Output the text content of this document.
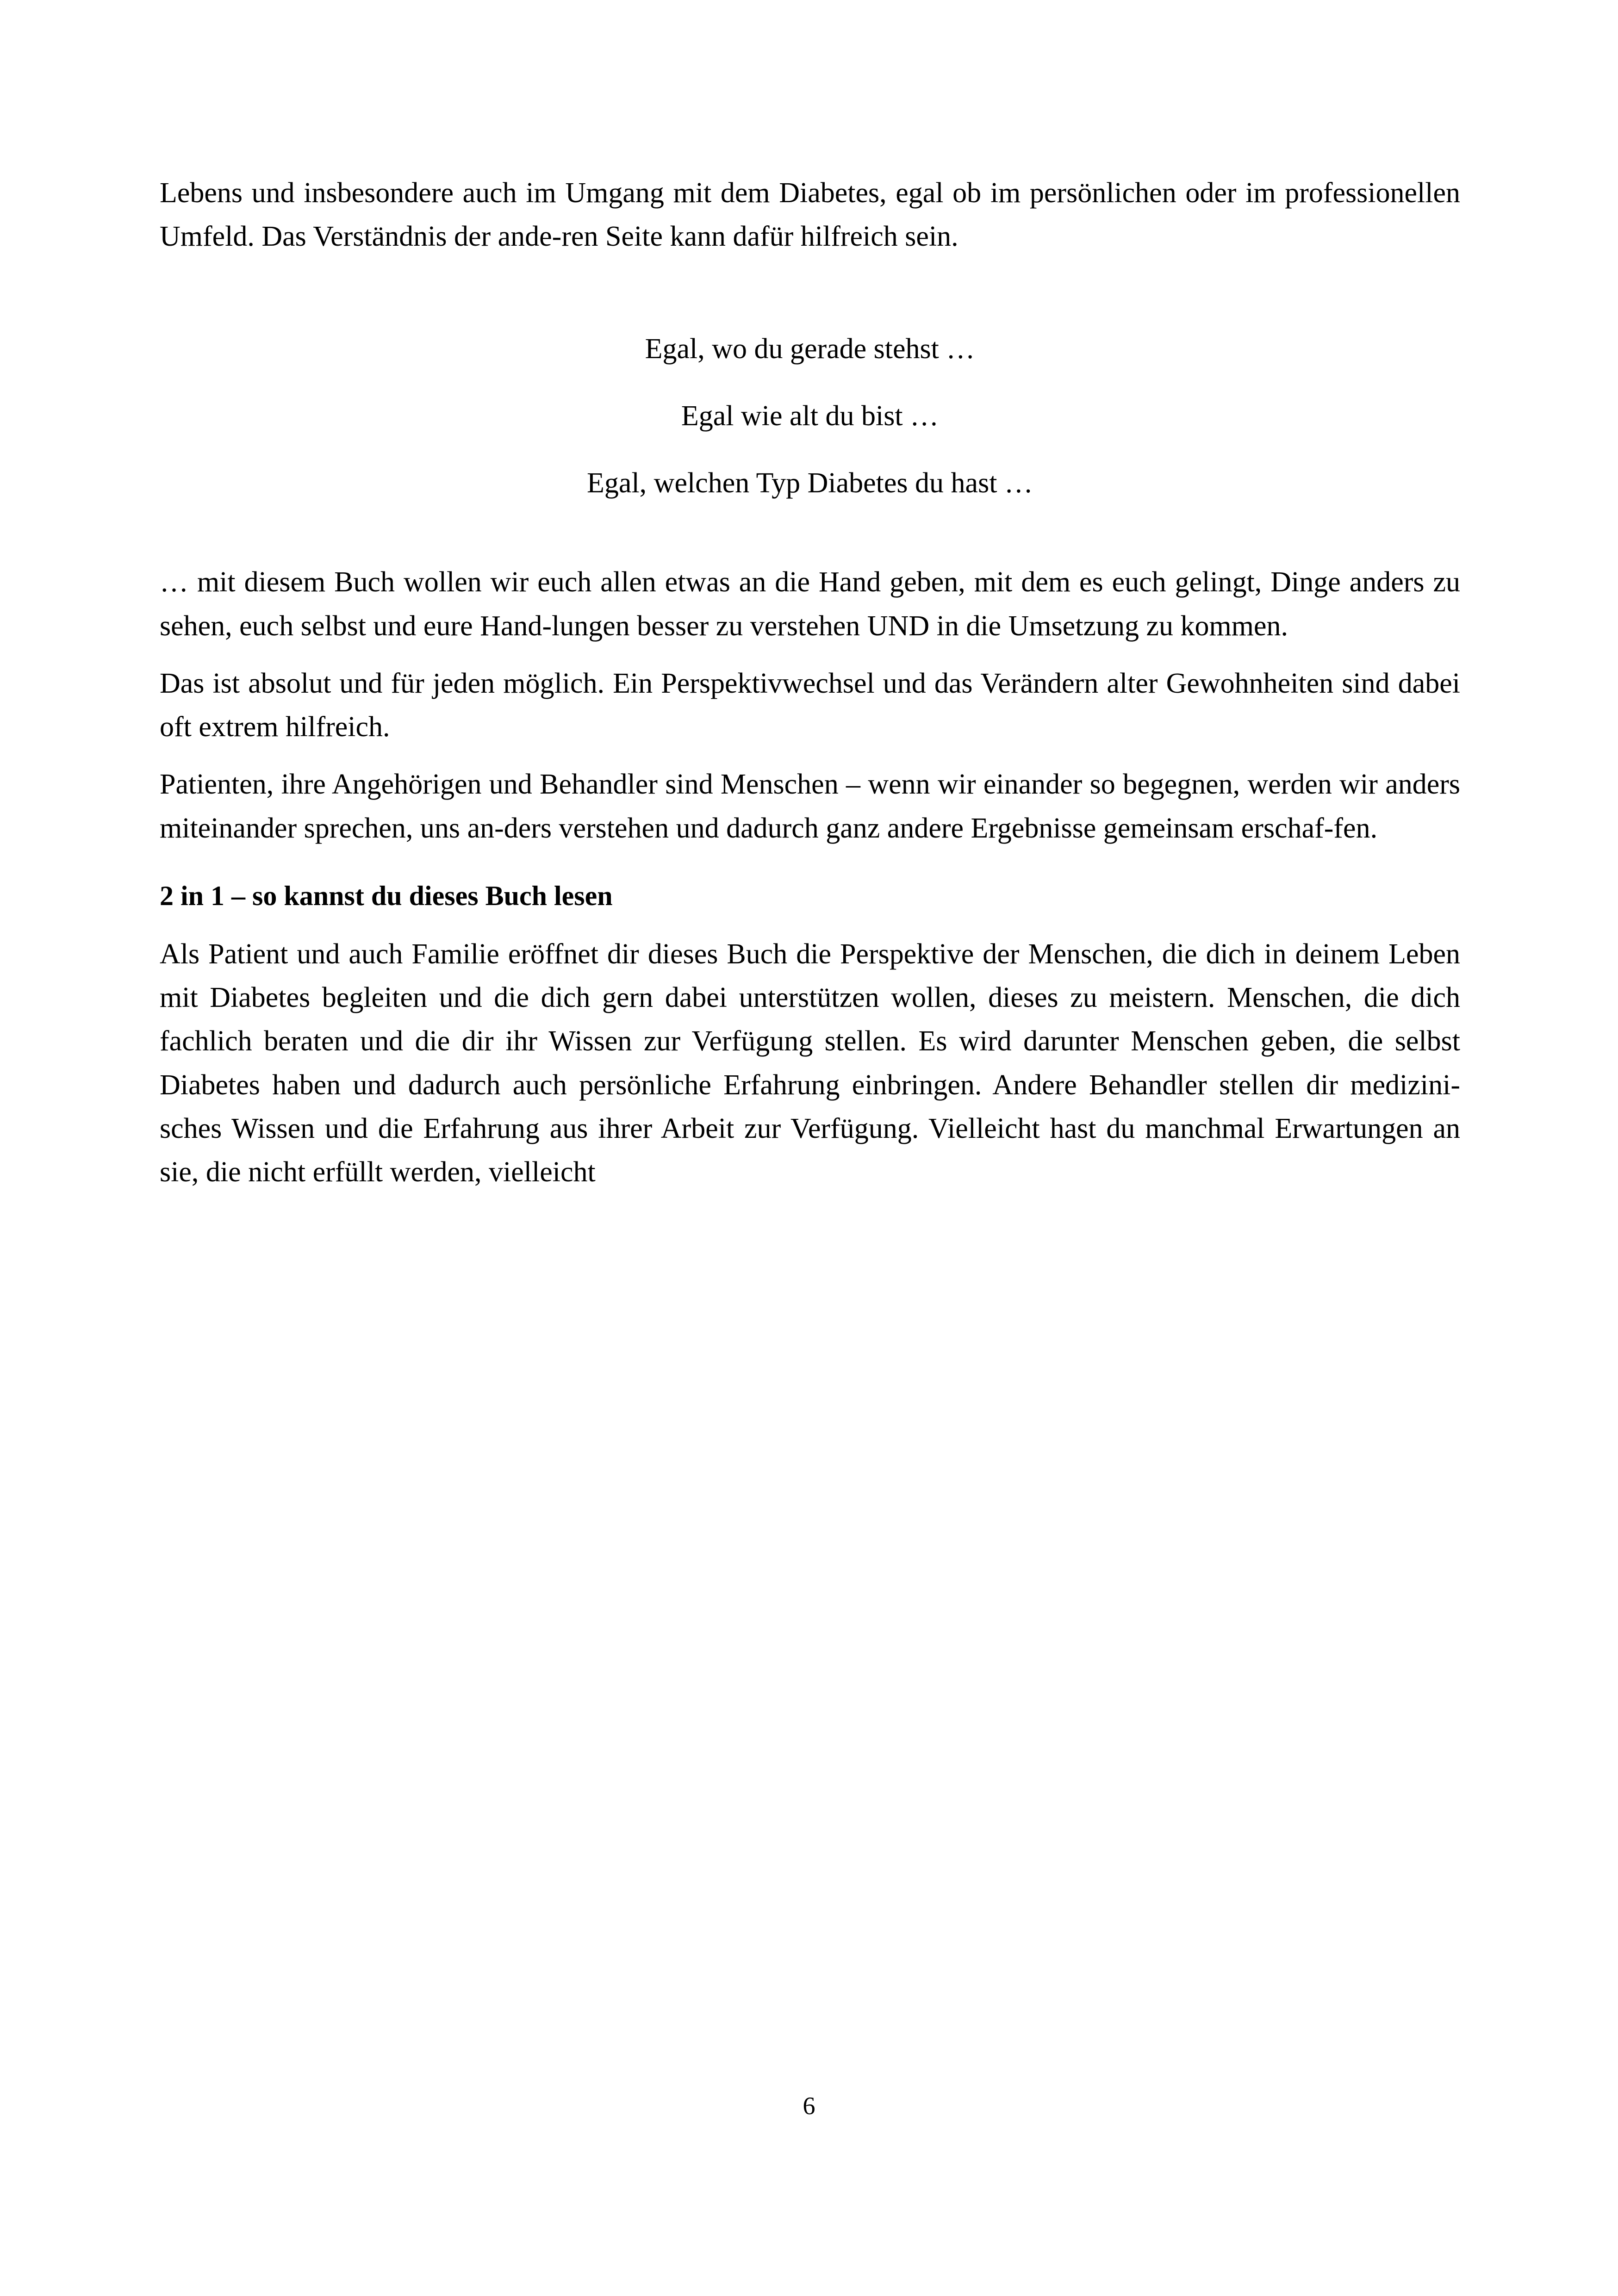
Lebens und insbesondere auch im Umgang mit dem Diabetes, egal ob im persönlichen oder im professionellen Umfeld. Das Verständnis der ande-ren Seite kann dafür hilfreich sein.

Egal, wo du gerade stehst …

Egal wie alt du bist …

Egal, welchen Typ Diabetes du hast …

… mit diesem Buch wollen wir euch allen etwas an die Hand geben, mit dem es euch gelingt, Dinge anders zu sehen, euch selbst und eure Hand-lungen besser zu verstehen UND in die Umsetzung zu kommen.

Das ist absolut und für jeden möglich. Ein Perspektivwechsel und das Verändern alter Gewohnheiten sind dabei oft extrem hilfreich.

Patienten, ihre Angehörigen und Behandler sind Menschen – wenn wir einander so begegnen, werden wir anders miteinander sprechen, uns an-ders verstehen und dadurch ganz andere Ergebnisse gemeinsam erschaf-fen.

2 in 1 – so kannst du dieses Buch lesen

Als Patient und auch Familie eröffnet dir dieses Buch die Perspektive der Menschen, die dich in deinem Leben mit Diabetes begleiten und die dich gern dabei unterstützen wollen, dieses zu meistern. Menschen, die dich fachlich beraten und die dir ihr Wissen zur Verfügung stellen. Es wird darunter Menschen geben, die selbst Diabetes haben und dadurch auch persönliche Erfahrung einbringen. Andere Behandler stellen dir medizini-sches Wissen und die Erfahrung aus ihrer Arbeit zur Verfügung. Vielleicht hast du manchmal Erwartungen an sie, die nicht erfüllt werden, vielleicht

6
